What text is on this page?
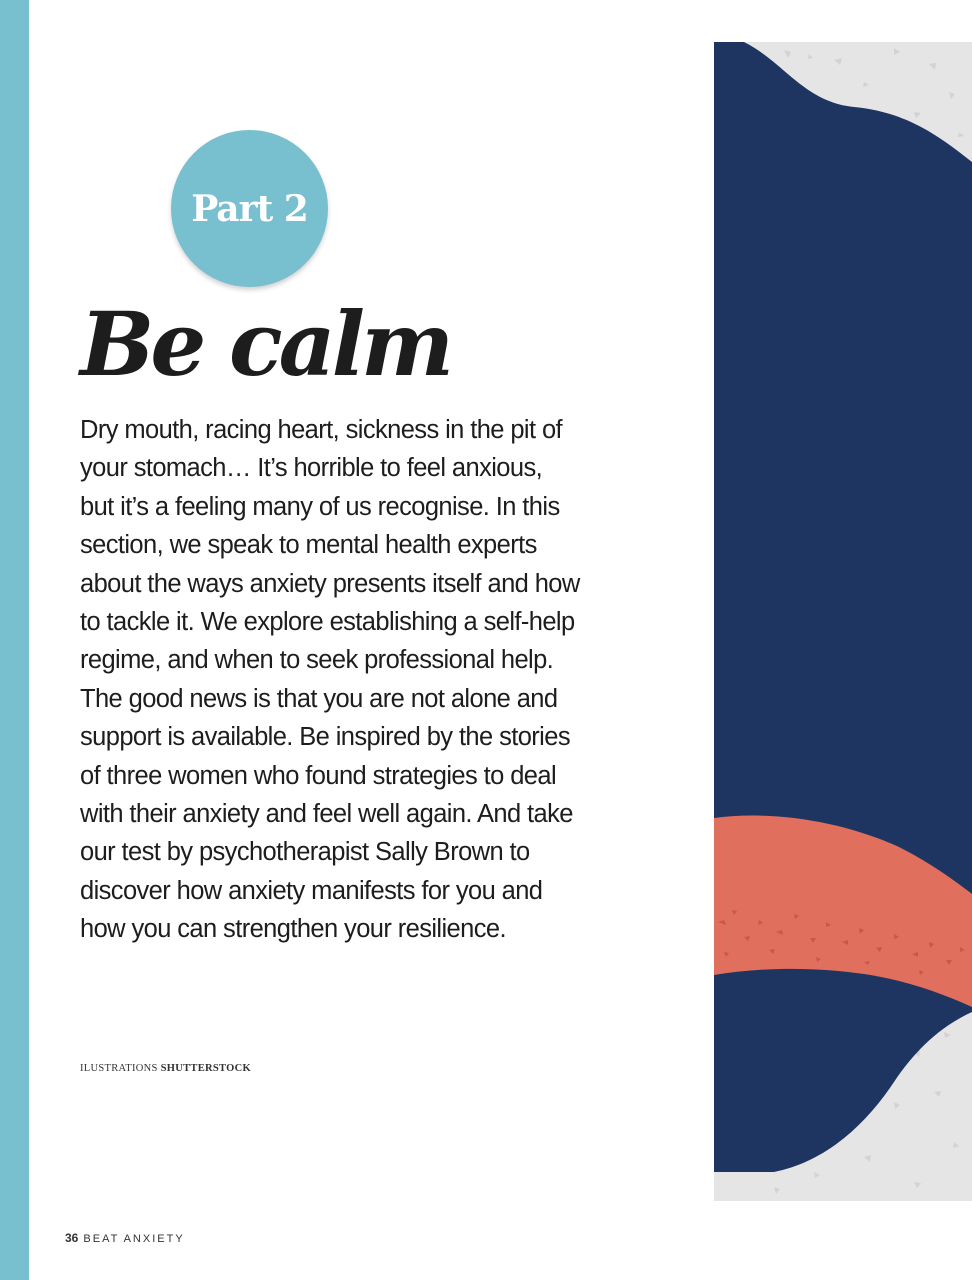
Part 2
Be calm

Dry mouth, racing heart, sickness in the pit of your stomach… It’s horrible to feel anxious, but it’s a feeling many of us recognise. In this section, we speak to mental health experts about the ways anxiety presents itself and how to tackle it. We explore establishing a self-help regime, and when to seek professional help. The good news is that you are not alone and support is available. Be inspired by the stories of three women who found strategies to deal with their anxiety and feel well again. And take our test by psychotherapist Sally Brown to discover how anxiety manifests for you and how you can strengthen your resilience.

ILUSTRATIONS SHUTTERSTOCK
36 BEAT ANXIETY
